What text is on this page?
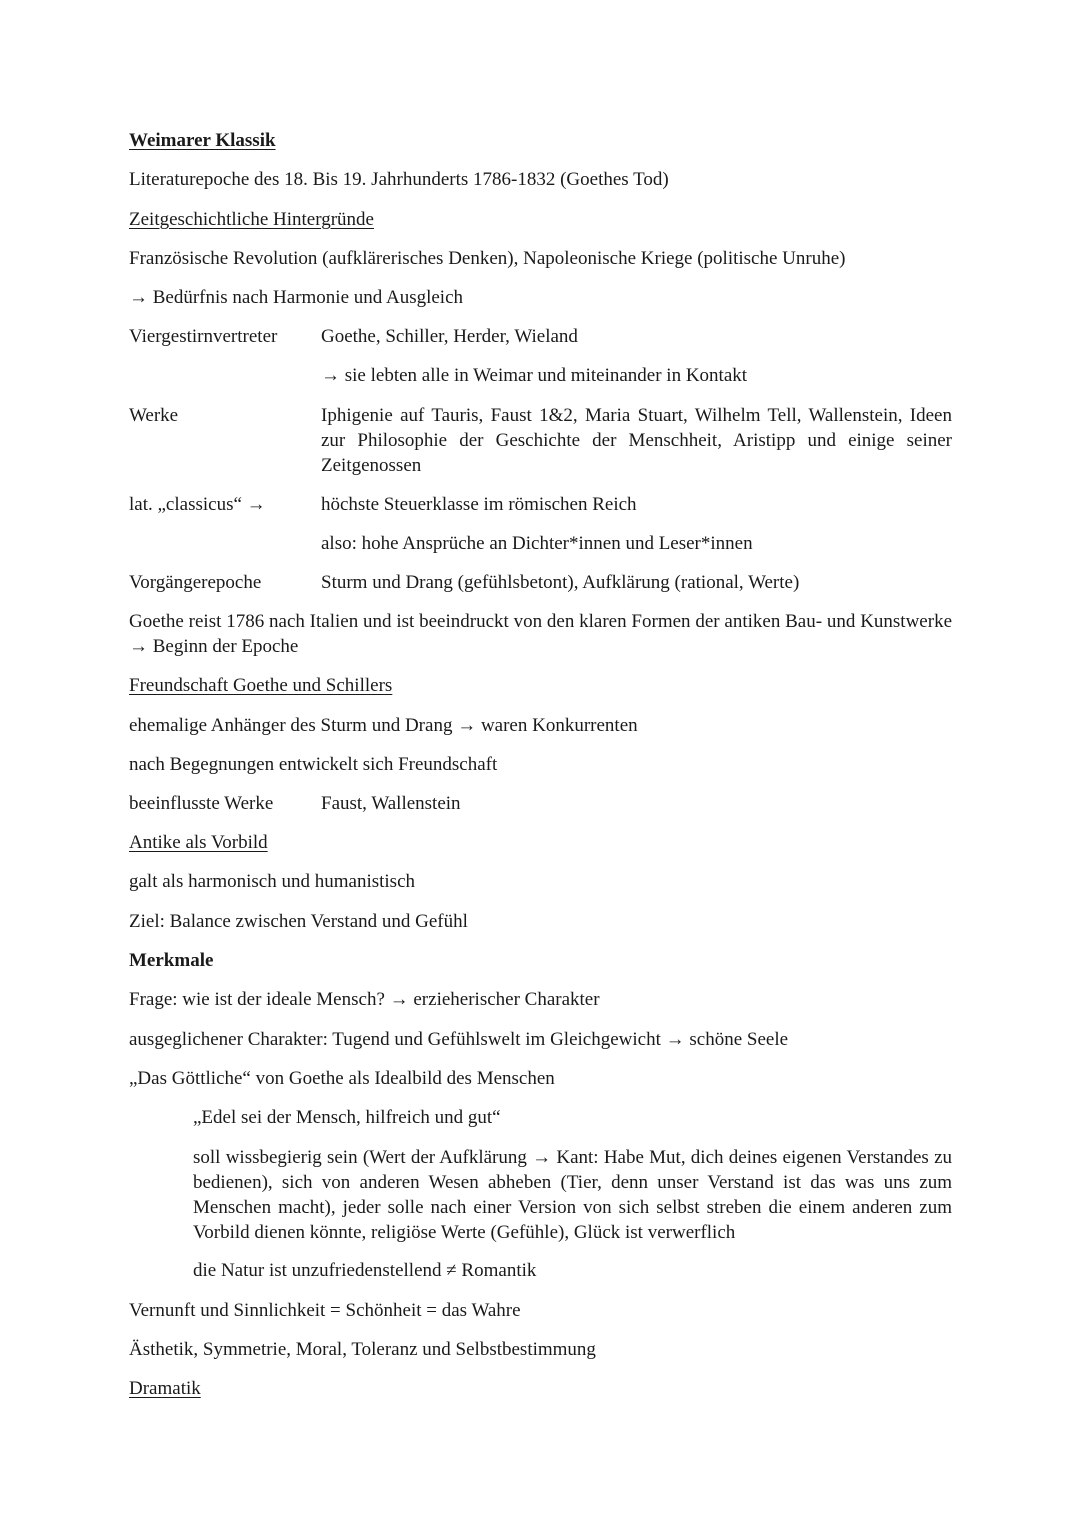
Weimarer Klassik
Literaturepoche des 18. Bis 19. Jahrhunderts 1786-1832 (Goethes Tod)
Zeitgeschichtliche Hintergründe
Französische Revolution (aufklärerisches Denken), Napoleonische Kriege (politische Unruhe)
→ Bedürfnis nach Harmonie und Ausgleich
Viergestirnvertreter Goethe, Schiller, Herder, Wieland
→ sie lebten alle in Weimar und miteinander in Kontakt
Werke	Iphigenie auf Tauris, Faust 1&2, Maria Stuart, Wilhelm Tell, Wallenstein, Ideen zur Philosophie der Geschichte der Menschheit, Aristipp und einige seiner Zeitgenossen
lat. „classicus“ →	höchste Steuerklasse im römischen Reich
also: hohe Ansprüche an Dichter*innen und Leser*innen
Vorgängerepoche	Sturm und Drang (gefühlsbetont), Aufklärung (rational, Werte)
Goethe reist 1786 nach Italien und ist beeindruckt von den klaren Formen der antiken Bau- und Kunstwerke → Beginn der Epoche
Freundschaft Goethe und Schillers
ehemalige Anhänger des Sturm und Drang → waren Konkurrenten
nach Begegnungen entwickelt sich Freundschaft
beeinflusste Werke	Faust, Wallenstein
Antike als Vorbild
galt als harmonisch und humanistisch
Ziel: Balance zwischen Verstand und Gefühl
Merkmale
Frage: wie ist der ideale Mensch? → erzieherischer Charakter
ausgeglichener Charakter: Tugend und Gefühlswelt im Gleichgewicht → schöne Seele
„Das Göttliche“ von Goethe als Idealbild des Menschen
„Edel sei der Mensch, hilfreich und gut“
soll wissbegierig sein (Wert der Aufklärung → Kant: Habe Mut, dich deines eigenen Verstandes zu bedienen), sich von anderen Wesen abheben (Tier, denn unser Verstand ist das was uns zum Menschen macht), jeder solle nach einer Version von sich selbst streben die einem anderen zum Vorbild dienen könnte, religiöse Werte (Gefühle), Glück ist verwerflich
die Natur ist unzufriedenstellend ≠ Romantik
Vernunft und Sinnlichkeit = Schönheit = das Wahre
Ästhetik, Symmetrie, Moral, Toleranz und Selbstbestimmung
Dramatik
